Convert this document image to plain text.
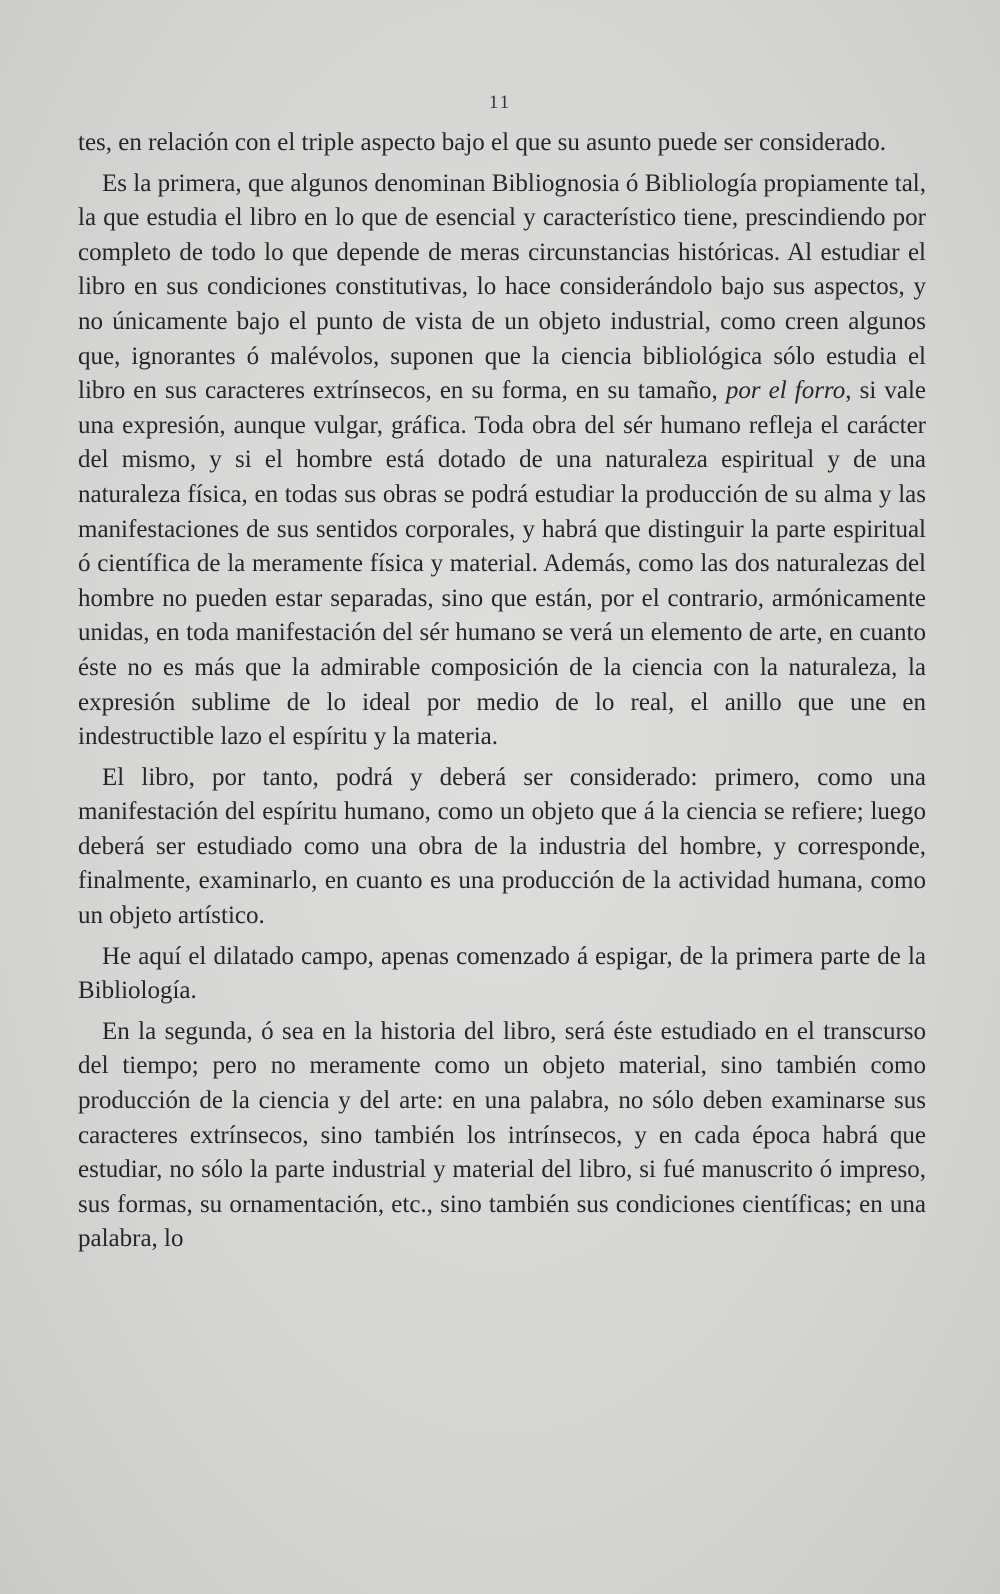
11

tes, en relación con el triple aspecto bajo el que su asunto puede ser considerado.

Es la primera, que algunos denominan Bibliognosia ó Bibliología propiamente tal, la que estudia el libro en lo que de esencial y característico tiene, prescindiendo por completo de todo lo que depende de meras circunstancias históricas. Al estudiar el libro en sus condiciones constitutivas, lo hace considerándolo bajo sus aspectos, y no únicamente bajo el punto de vista de un objeto industrial, como creen algunos que, ignorantes ó malévolos, suponen que la ciencia bibliológica sólo estudia el libro en sus caracteres extrínsecos, en su forma, en su tamaño, por el forro, si vale una expresión, aunque vulgar, gráfica. Toda obra del sér humano refleja el carácter del mismo, y si el hombre está dotado de una naturaleza espiritual y de una naturaleza física, en todas sus obras se podrá estudiar la producción de su alma y las manifestaciones de sus sentidos corporales, y habrá que distinguir la parte espiritual ó científica de la meramente física y material. Además, como las dos naturalezas del hombre no pueden estar separadas, sino que están, por el contrario, armónicamente unidas, en toda manifestación del sér humano se verá un elemento de arte, en cuanto éste no es más que la admirable composición de la ciencia con la naturaleza, la expresión sublime de lo ideal por medio de lo real, el anillo que une en indestructible lazo el espíritu y la materia.

El libro, por tanto, podrá y deberá ser considerado: primero, como una manifestación del espíritu humano, como un objeto que á la ciencia se refiere; luego deberá ser estudiado como una obra de la industria del hombre, y corresponde, finalmente, examinarlo, en cuanto es una producción de la actividad humana, como un objeto artístico.

He aquí el dilatado campo, apenas comenzado á espigar, de la primera parte de la Bibliología.

En la segunda, ó sea en la historia del libro, será éste estudiado en el transcurso del tiempo; pero no meramente como un objeto material, sino también como producción de la ciencia y del arte: en una palabra, no sólo deben examinarse sus caracteres extrínsecos, sino también los intrínsecos, y en cada época habrá que estudiar, no sólo la parte industrial y material del libro, si fué manuscrito ó impreso, sus formas, su ornamentación, etc., sino también sus condiciones científicas; en una palabra, lo
